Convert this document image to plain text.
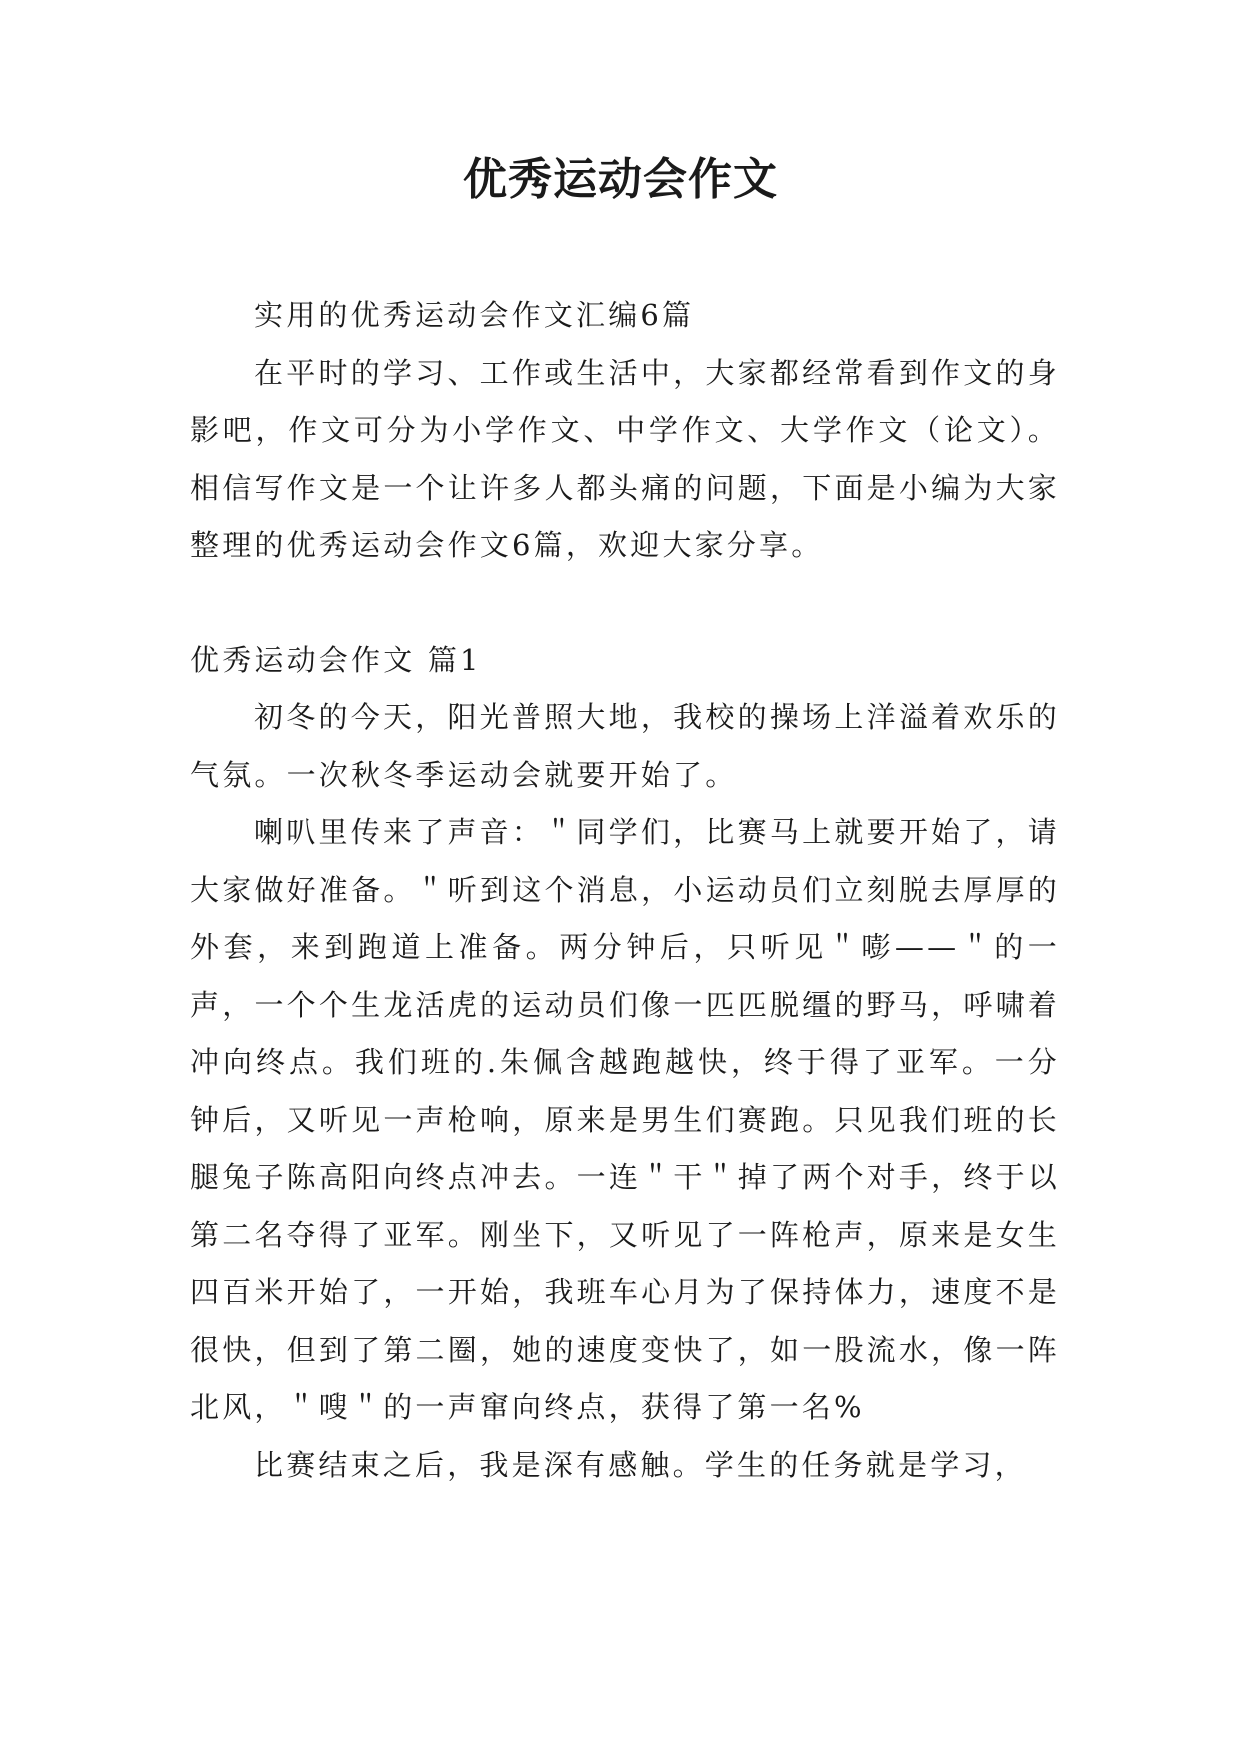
优秀运动会作文

实用的优秀运动会作文汇编6篇

在平时的学习、工作或生活中，大家都经常看到作文的身影吧，作文可分为小学作文、中学作文、大学作文（论文）。相信写作文是一个让许多人都头痛的问题，下面是小编为大家整理的优秀运动会作文6篇，欢迎大家分享。

优秀运动会作文 篇1

初冬的今天，阳光普照大地，我校的操场上洋溢着欢乐的气氛。一次秋冬季运动会就要开始了。

喇叭里传来了声音：＂同学们，比赛马上就要开始了，请大家做好准备。＂听到这个消息，小运动员们立刻脱去厚厚的外套，来到跑道上准备。两分钟后，只听见＂嘭——＂的一声，一个个生龙活虎的运动员们像一匹匹脱缰的野马，呼啸着冲向终点。我们班的.朱佩含越跑越快，终于得了亚军。一分钟后，又听见一声枪响，原来是男生们赛跑。只见我们班的长腿兔子陈高阳向终点冲去。一连＂干＂掉了两个对手，终于以第二名夺得了亚军。刚坐下，又听见了一阵枪声，原来是女生四百米开始了，一开始，我班车心月为了保持体力，速度不是很快，但到了第二圈，她的速度变快了，如一股流水，像一阵北风，＂嗖＂的一声窜向终点，获得了第一名%

比赛结束之后，我是深有感触。学生的任务就是学习，
